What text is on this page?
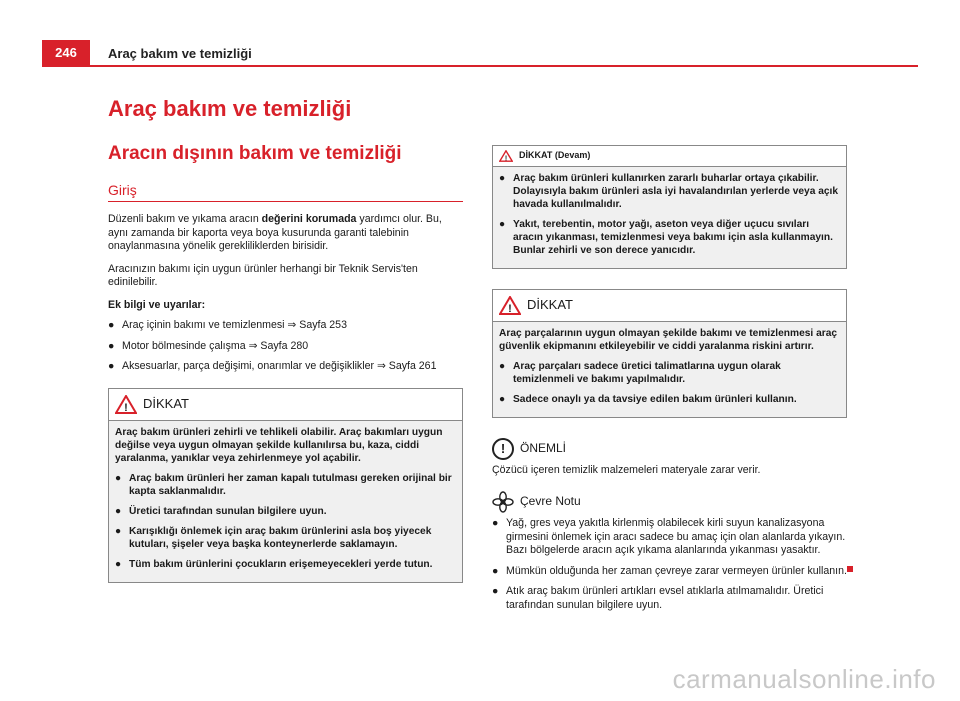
246	Araç bakım ve temizliği
Araç bakım ve temizliği
Aracın dışının bakım ve temizliği
Giriş

Düzenli bakım ve yıkama aracın değerini korumada yardımcı olur. Bu, aynı zamanda bir kaporta veya boya kusurunda garanti talebinin onaylanmasına yönelik gerekliliklerden birisidir.

Aracınızın bakımı için uygun ürünler herhangi bir Teknik Servis'ten edinilebilir.

Ek bilgi ve uyarılar:

● Araç içinin bakımı ve temizlenmesi ⇒ Sayfa 253
● Motor bölmesinde çalışma ⇒ Sayfa 280
● Aksesuarlar, parça değişimi, onarımlar ve değişiklikler ⇒ Sayfa 261
! DİKKAT

Araç bakım ürünleri zehirli ve tehlikeli olabilir. Araç bakımları uygun değilse veya uygun olmayan şekilde kullanılırsa bu, kaza, ciddi yaralanma, yanıklar veya zehirlenmeye yol açabilir.

● Araç bakım ürünleri her zaman kapalı tutulması gereken orijinal bir kapta saklanmalıdır.
● Üretici tarafından sunulan bilgilere uyun.
● Karışıklığı önlemek için araç bakım ürünlerini asla boş yiyecek kutuları, şişeler veya başka konteynerlerde saklamayın.
● Tüm bakım ürünlerini çocukların erişemeyecekleri yerde tutun.
! DİKKAT (Devam)
● Araç bakım ürünleri kullanırken zararlı buharlar ortaya çıkabilir. Dolayısıyla bakım ürünleri asla iyi havalandırılan yerlerde veya açık havada kullanılmalıdır.
● Yakıt, terebentin, motor yağı, aseton veya diğer uçucu sıvıları aracın yıkanması, temizlenmesi veya bakımı için asla kullanmayın. Bunlar zehirli ve son derece yanıcıdır.
! DİKKAT

Araç parçalarının uygun olmayan şekilde bakımı ve temizlenmesi araç güvenlik ekipmanını etkileyebilir ve ciddi yaralanma riskini artırır.

● Araç parçaları sadece üretici talimatlarına uygun olarak temizlenmeli ve bakımı yapılmalıdır.
● Sadece onaylı ya da tavsiye edilen bakım ürünleri kullanın.
!	ÖNEMLİ

Çözücü içeren temizlik malzemeleri materyale zarar verir.

Çevre Notu
● Yağ, gres veya yakıtla kirlenmiş olabilecek kirli suyun kanalizasyona girmesini önlemek için aracı sadece bu amaç için olan alanlarda yıkayın. Bazı bölgelerde aracın açık yıkama alanlarında yıkanması yasaktır.
● Mümkün olduğunda her zaman çevreye zarar vermeyen ürünler kullanın.
● Atık araç bakım ürünleri artıkları evsel atıklarla atılmamalıdır. Üretici tarafından sunulan bilgilere uyun.
carmanualsonline.info
